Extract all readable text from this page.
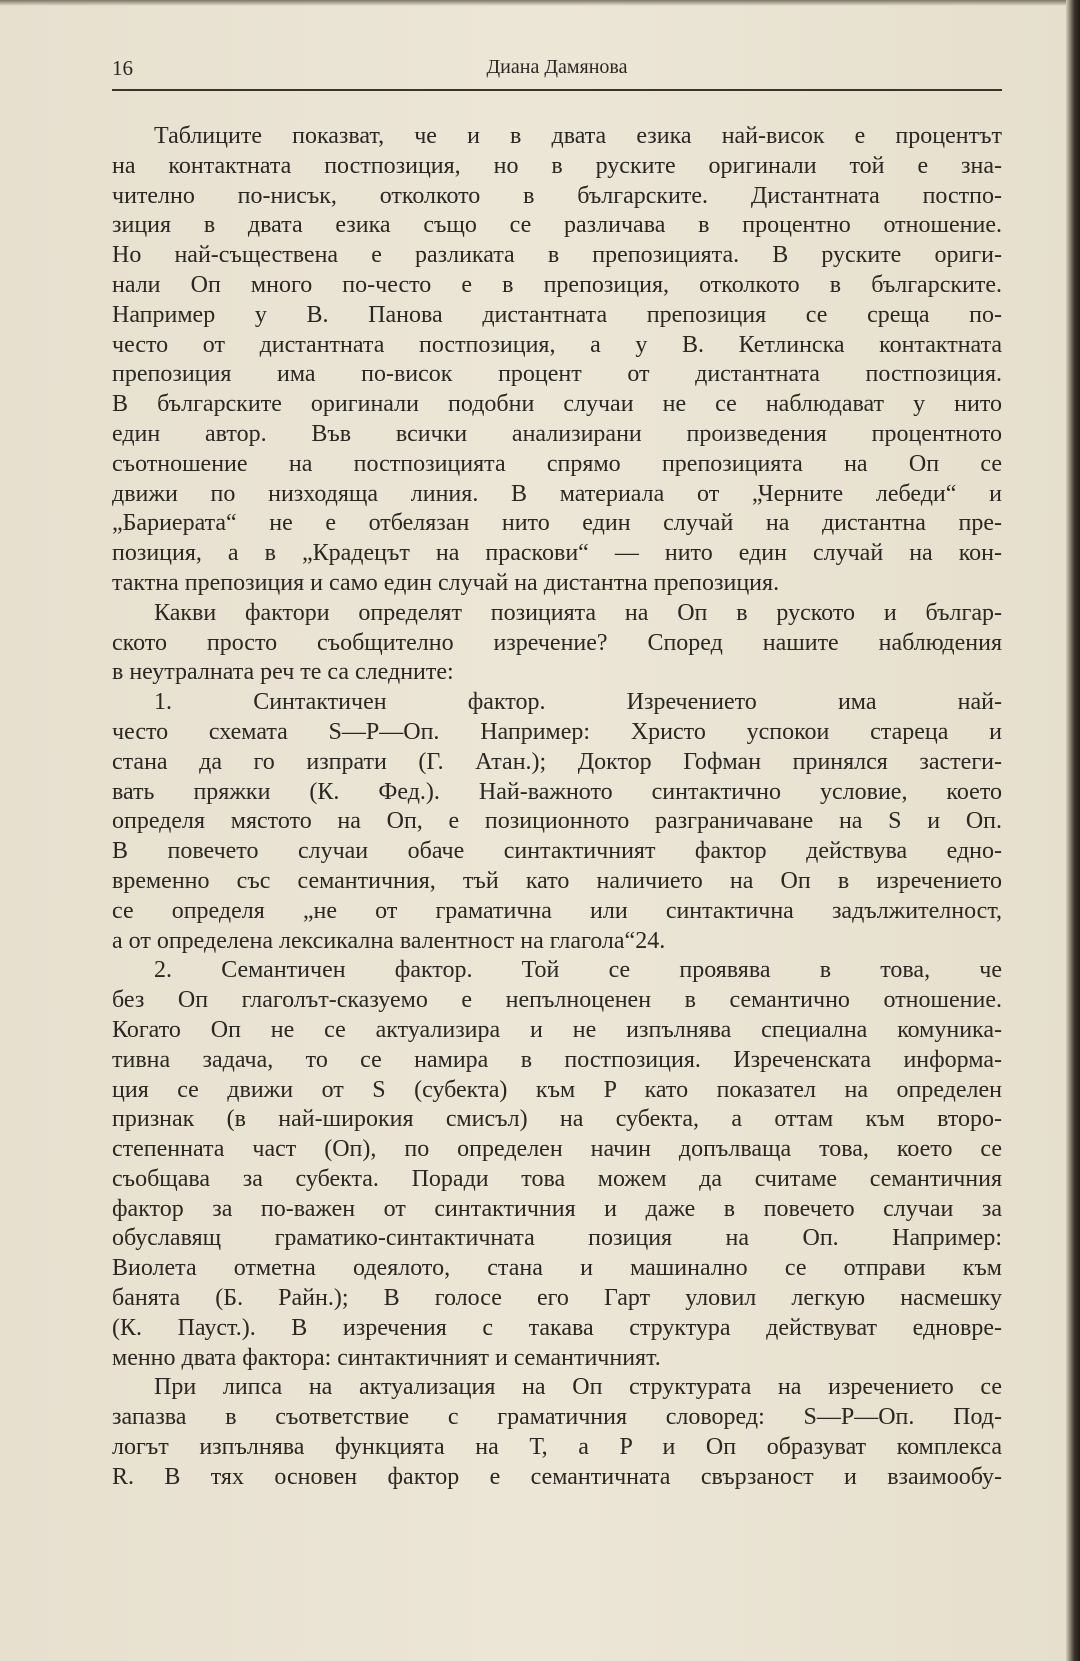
16	Диана Дамянова
Таблиците показват, че и в двата езика най-висок е процентът
на контактната постпозиция, но в руските оригинали той е зна-
чително по-нисък, отколкото в българските. Дистантната постпо-
зиция в двата езика също се различава в процентно отношение.
Но най-съществена е разликата в препозицията. В руските ориги-
нали Оп много по-често е в препозиция, отколкото в българските.
Например у В. Панова дистантната препозиция се среща по-
често от дистантната постпозиция, а у В. Кетлинска контактната
препозиция има по-висок процент от дистантната постпозиция.
В българските оригинали подобни случаи не се наблюдават у нито
един автор. Във всички анализирани произведения процентното
съотношение на постпозицията спрямо препозицията на Оп се
движи по низходяща линия. В материала от „Черните лебеди“ и
„Бариерата“ не е отбелязан нито един случай на дистантна пре-
позиция, а в „Крадецът на праскови“ — нито един случай на кон-
тактна препозиция и само един случай на дистантна препозиция.
Какви фактори определят позицията на Оп в руското и българ-
ското просто съобщително изречение? Според нашите наблюдения
в неутралната реч те са следните:
1. Синтактичен фактор. Изречението има най-
често схемата S—P—Оп. Например: Христо успокои стареца и
стана да го изпрати (Г. Атан.); Доктор Гофман принялся застеги-
вать пряжки (К. Фед.). Най-важното синтактично условие, което
определя мястото на Оп, е позиционното разграничаване на S и Оп.
В повечето случаи обаче синтактичният фактор действува едно-
временно със семантичния, тъй като наличието на Оп в изречението
се определя „не от граматична или синтактична задължителност,
а от определена лексикална валентност на глагола“24.
2. Семантичен фактор. Той се проявява в това, че
без Оп глаголът-сказуемо е непълноценен в семантично отношение.
Когато Оп не се актуализира и не изпълнява специална комуника-
тивна задача, то се намира в постпозиция. Изреченската информа-
ция се движи от S (субекта) към P като показател на определен
признак (в най-широкия смисъл) на субекта, а оттам към второ-
степенната част (Оп), по определен начин допълваща това, което се
съобщава за субекта. Поради това можем да считаме семантичния
фактор за по-важен от синтактичния и даже в повечето случаи за
обуславящ граматико-синтактичната позиция на Оп. Например:
Виолета отметна одеялото, стана и машинално се отправи към
банята (Б. Райн.); В голосе его Гарт уловил легкую насмешку
(К. Пауст.). В изречения с такава структура действуват едновре-
менно двата фактора: синтактичният и семантичният.
При липса на актуализация на Оп структурата на изречението се
запазва в съответствие с граматичния словоред: S—P—Оп. Под-
логът изпълнява функцията на Т, а P и Оп образуват комплекса
R. В тях основен фактор е семантичната свързаност и взаимообу-
